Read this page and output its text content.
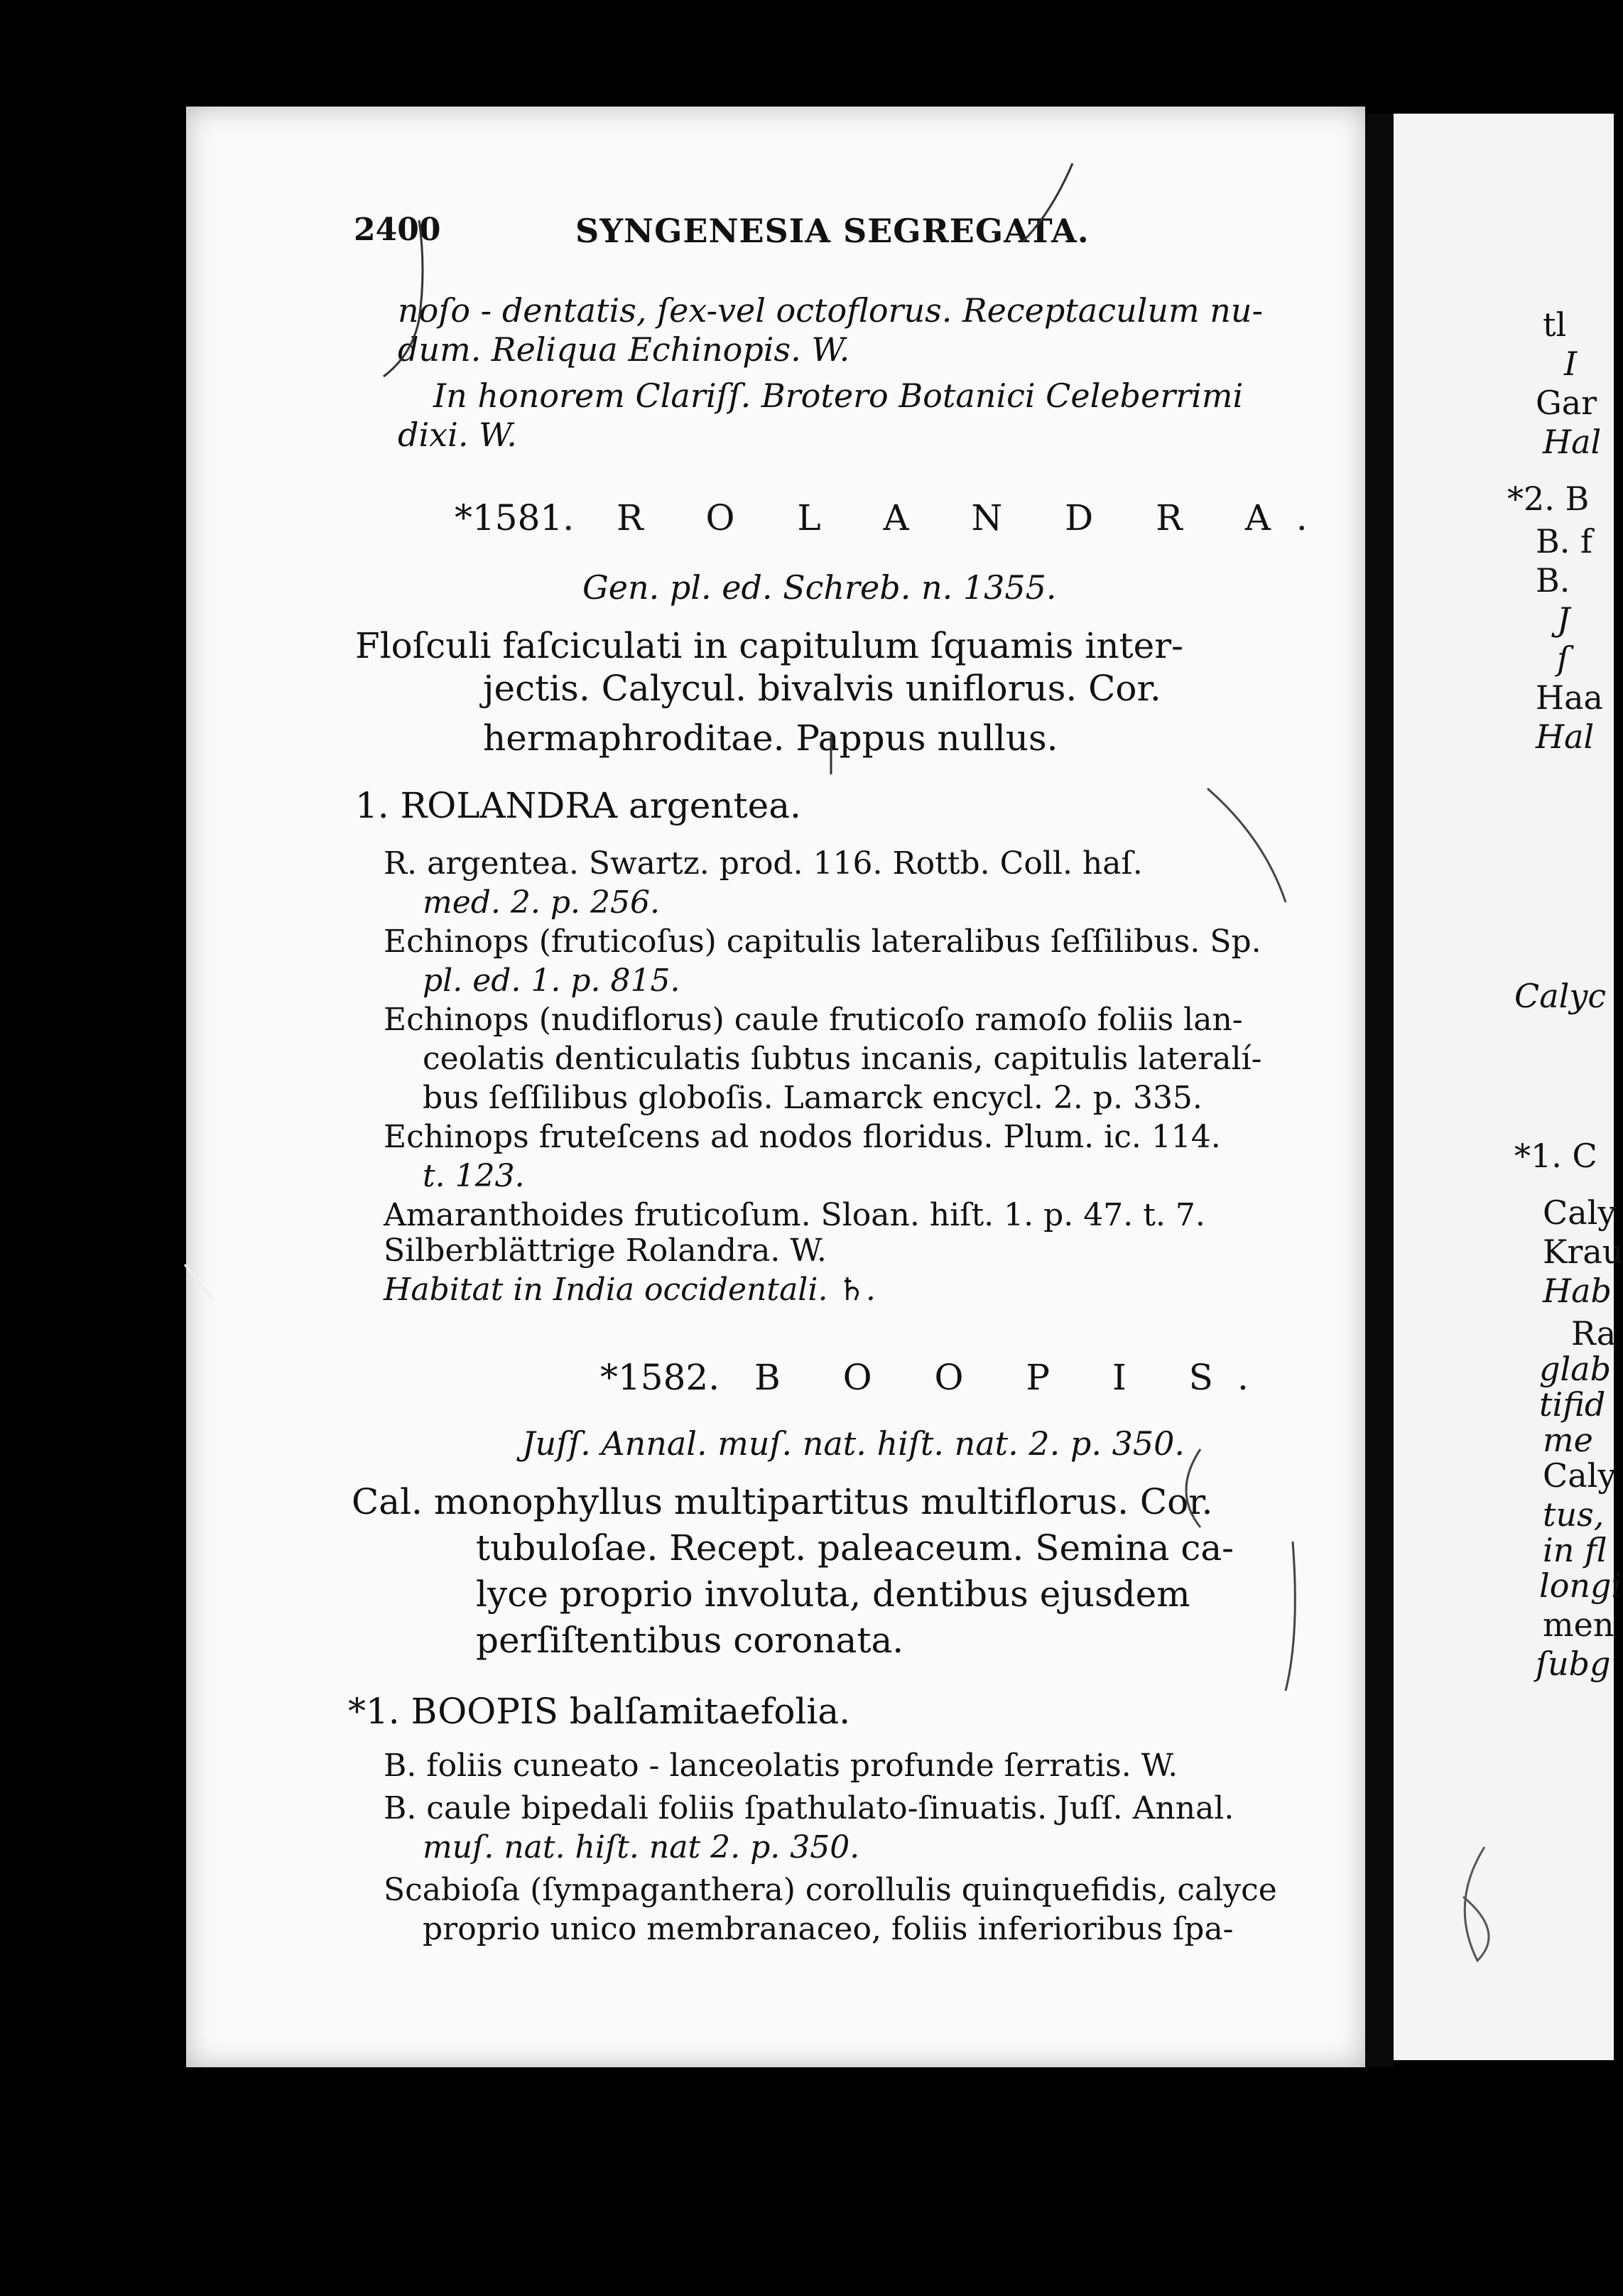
tl
I
Gar
Hal
*2. B
B. f
B.
J
ſ
Haa
Hal
Calyc
*1. C
Caly
Krau
Hab
Ra
glab
tifid
me
Caly
tus,
in fl
longi
men
ſubg
2400	SYNGENESIA SEGREGATA.
noſo - dentatis, ſex-vel octoflorus. Receptaculum nu-
dum. Reliqua Echinopis. W.
In honorem Clariſſ. Brotero Botanici Celeberrimi
dixi. W.
*1581. R O L A N D R A.
Gen. pl. ed. Schreb. n. 1355.
Floſculi faſciculati in capitulum ſquamis inter-
jectis. Calycul. bivalvis uniflorus. Cor.
hermaphroditae. Pappus nullus.
1. ROLANDRA argentea.
R. argentea. Swartz. prod. 116. Rottb. Coll. haſ.
med. 2. p. 256.
Echinops (fruticoſus) capitulis lateralibus ſeſſilibus. Sp.
pl. ed. 1. p. 815.
Echinops (nudiflorus) caule fruticoſo ramoſo foliis lan-
ceolatis denticulatis ſubtus incanis, capitulis lateralí-
bus ſeſſilibus globoſis. Lamarck encycl. 2. p. 335.
Echinops fruteſcens ad nodos floridus. Plum. ic. 114.
t. 123.
Amaranthoides fruticoſum. Sloan. hiſt. 1. p. 47. t. 7.
Silberblättrige Rolandra. W.
Habitat in India occidentali. ♄.
*1582. B O O P I S.
Juſſ. Annal. muſ. nat. hiſt. nat. 2. p. 350.
Cal. monophyllus multipartitus multiflorus. Cor.
tubuloſae. Recept. paleaceum. Semina ca-
lyce proprio involuta, dentibus ejusdem
perſiſtentibus coronata.
*1. BOOPIS balſamitaefolia.
B. foliis cuneato - lanceolatis profunde ſerratis. W.
B. caule bipedali foliis ſpathulato-ſinuatis. Juſſ. Annal.
muſ. nat. hiſt. nat 2. p. 350.
Scabioſa (ſympaganthera) corollulis quinquefidis, calyce
proprio unico membranaceo, foliis inferioribus ſpa-
